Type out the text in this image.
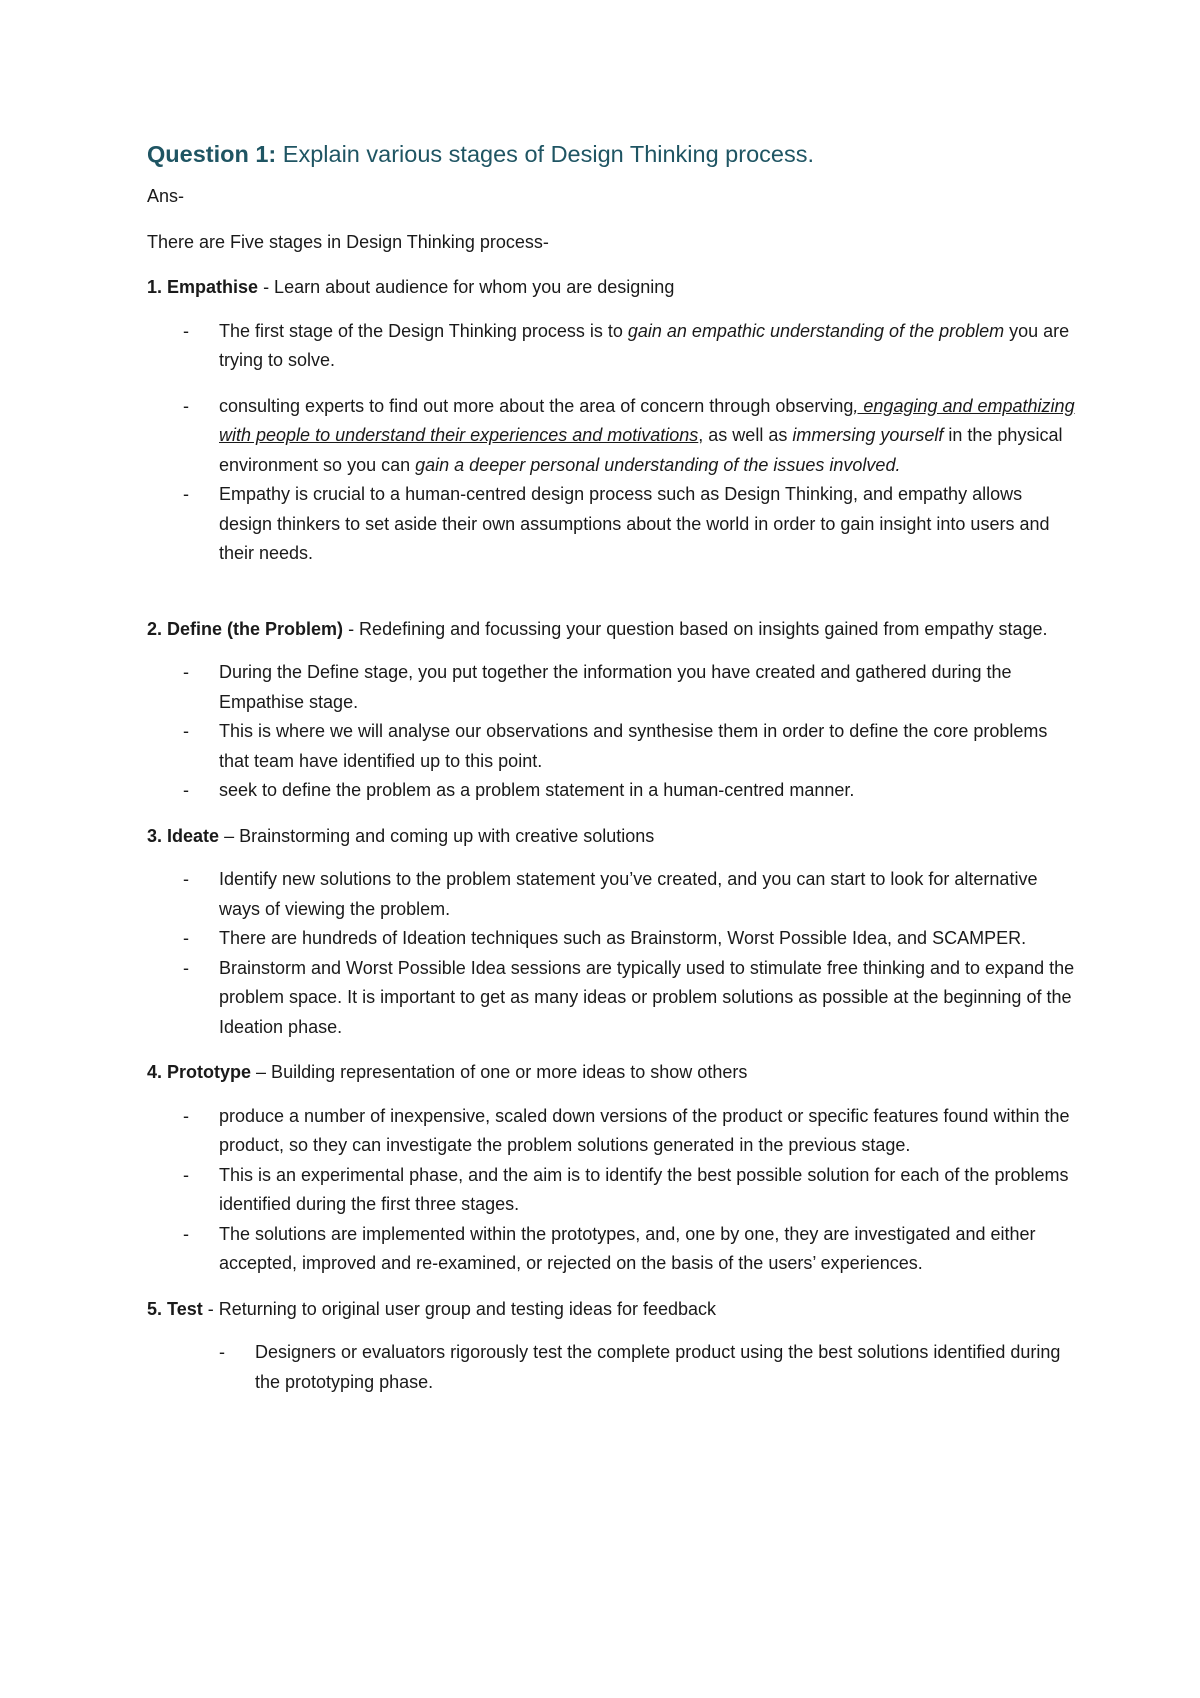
Question 1: Explain various stages of Design Thinking process.

Ans-

There are Five stages in Design Thinking process-

1. Empathise - Learn about audience for whom you are designing

- The first stage of the Design Thinking process is to gain an empathic understanding of the problem you are trying to solve.
- consulting experts to find out more about the area of concern through observing, engaging and empathizing with people to understand their experiences and motivations, as well as immersing yourself in the physical environment so you can gain a deeper personal understanding of the issues involved.
- Empathy is crucial to a human-centred design process such as Design Thinking, and empathy allows design thinkers to set aside their own assumptions about the world in order to gain insight into users and their needs.

2. Define (the Problem) - Redefining and focussing your question based on insights gained from empathy stage.

- During the Define stage, you put together the information you have created and gathered during the Empathise stage.
- This is where we will analyse our observations and synthesise them in order to define the core problems that team have identified up to this point.
- seek to define the problem as a problem statement in a human-centred manner.

3. Ideate – Brainstorming and coming up with creative solutions

- Identify new solutions to the problem statement you’ve created, and you can start to look for alternative ways of viewing the problem.
- There are hundreds of Ideation techniques such as Brainstorm, Worst Possible Idea, and SCAMPER.
- Brainstorm and Worst Possible Idea sessions are typically used to stimulate free thinking and to expand the problem space. It is important to get as many ideas or problem solutions as possible at the beginning of the Ideation phase.

4. Prototype – Building representation of one or more ideas to show others

- produce a number of inexpensive, scaled down versions of the product or specific features found within the product, so they can investigate the problem solutions generated in the previous stage.
- This is an experimental phase, and the aim is to identify the best possible solution for each of the problems identified during the first three stages.
- The solutions are implemented within the prototypes, and, one by one, they are investigated and either accepted, improved and re-examined, or rejected on the basis of the users’ experiences.

5. Test - Returning to original user group and testing ideas for feedback

- Designers or evaluators rigorously test the complete product using the best solutions identified during the prototyping phase.
